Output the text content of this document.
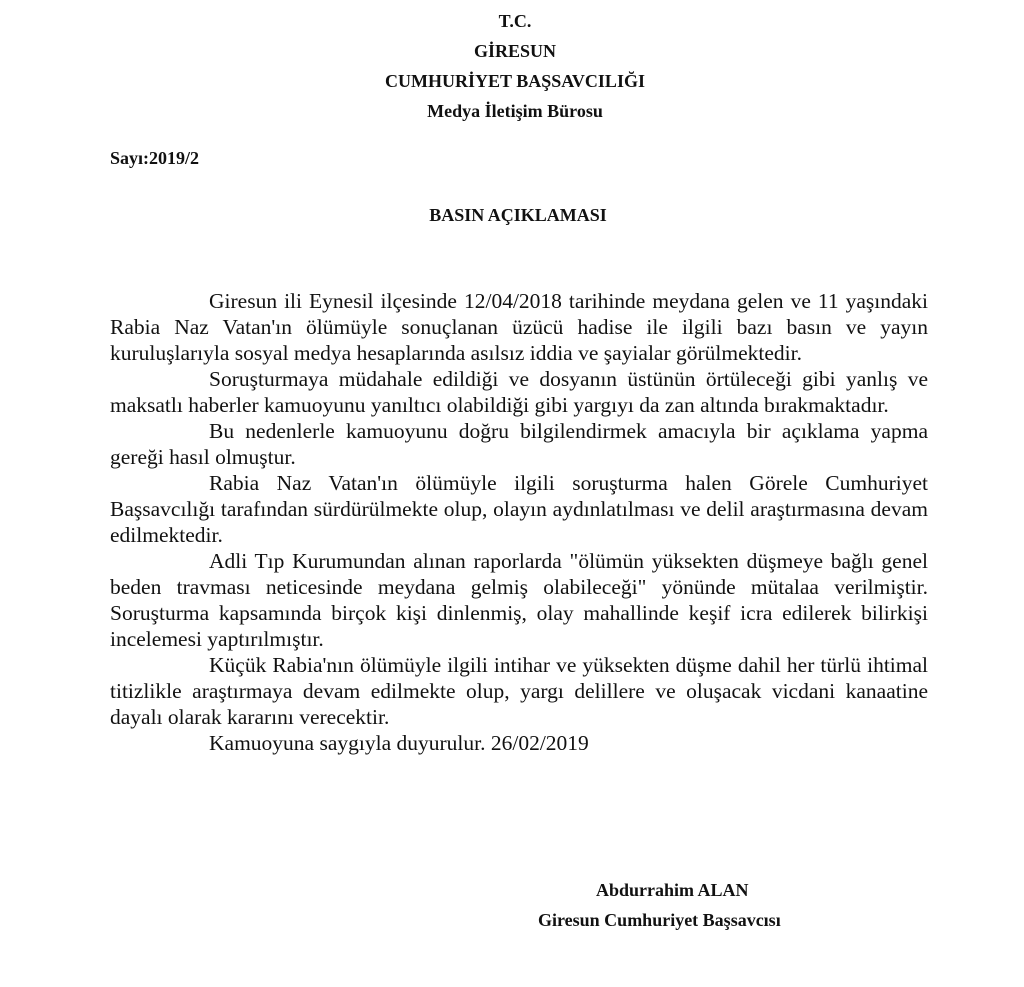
T.C.
GİRESUN
CUMHURİYET BAŞSAVCILIĞI
Medya İletişim Bürosu
Sayı:2019/2
BASIN AÇIKLAMASI

Giresun ili Eynesil ilçesinde 12/04/2018 tarihinde meydana gelen ve 11 yaşındaki Rabia Naz Vatan'ın ölümüyle sonuçlanan üzücü hadise ile ilgili bazı basın ve yayın kuruluşlarıyla sosyal medya hesaplarında asılsız iddia ve şayialar görülmektedir.

Soruşturmaya müdahale edildiği ve dosyanın üstünün örtüleceği gibi yanlış ve maksatlı haberler kamuoyunu yanıltıcı olabildiği gibi yargıyı da zan altında bırakmaktadır.

Bu nedenlerle kamuoyunu doğru bilgilendirmek amacıyla bir açıklama yapma gereği hasıl olmuştur.

Rabia Naz Vatan'ın ölümüyle ilgili soruşturma halen Görele Cumhuriyet Başsavcılığı tarafından sürdürülmekte olup, olayın aydınlatılması ve delil araştırmasına devam edilmektedir.

Adli Tıp Kurumundan alınan raporlarda "ölümün yüksekten düşmeye bağlı genel beden travması neticesinde meydana gelmiş olabileceği" yönünde mütalaa verilmiştir. Soruşturma kapsamında birçok kişi dinlenmiş, olay mahallinde keşif icra edilerek bilirkişi incelemesi yaptırılmıştır.

Küçük Rabia'nın ölümüyle ilgili intihar ve yüksekten düşme dahil her türlü ihtimal titizlikle araştırmaya devam edilmekte olup, yargı delillere ve oluşacak vicdani kanaatine dayalı olarak kararını verecektir.

Kamuoyuna saygıyla duyurulur. 26/02/2019

Abdurrahim ALAN
Giresun Cumhuriyet Başsavcısı
